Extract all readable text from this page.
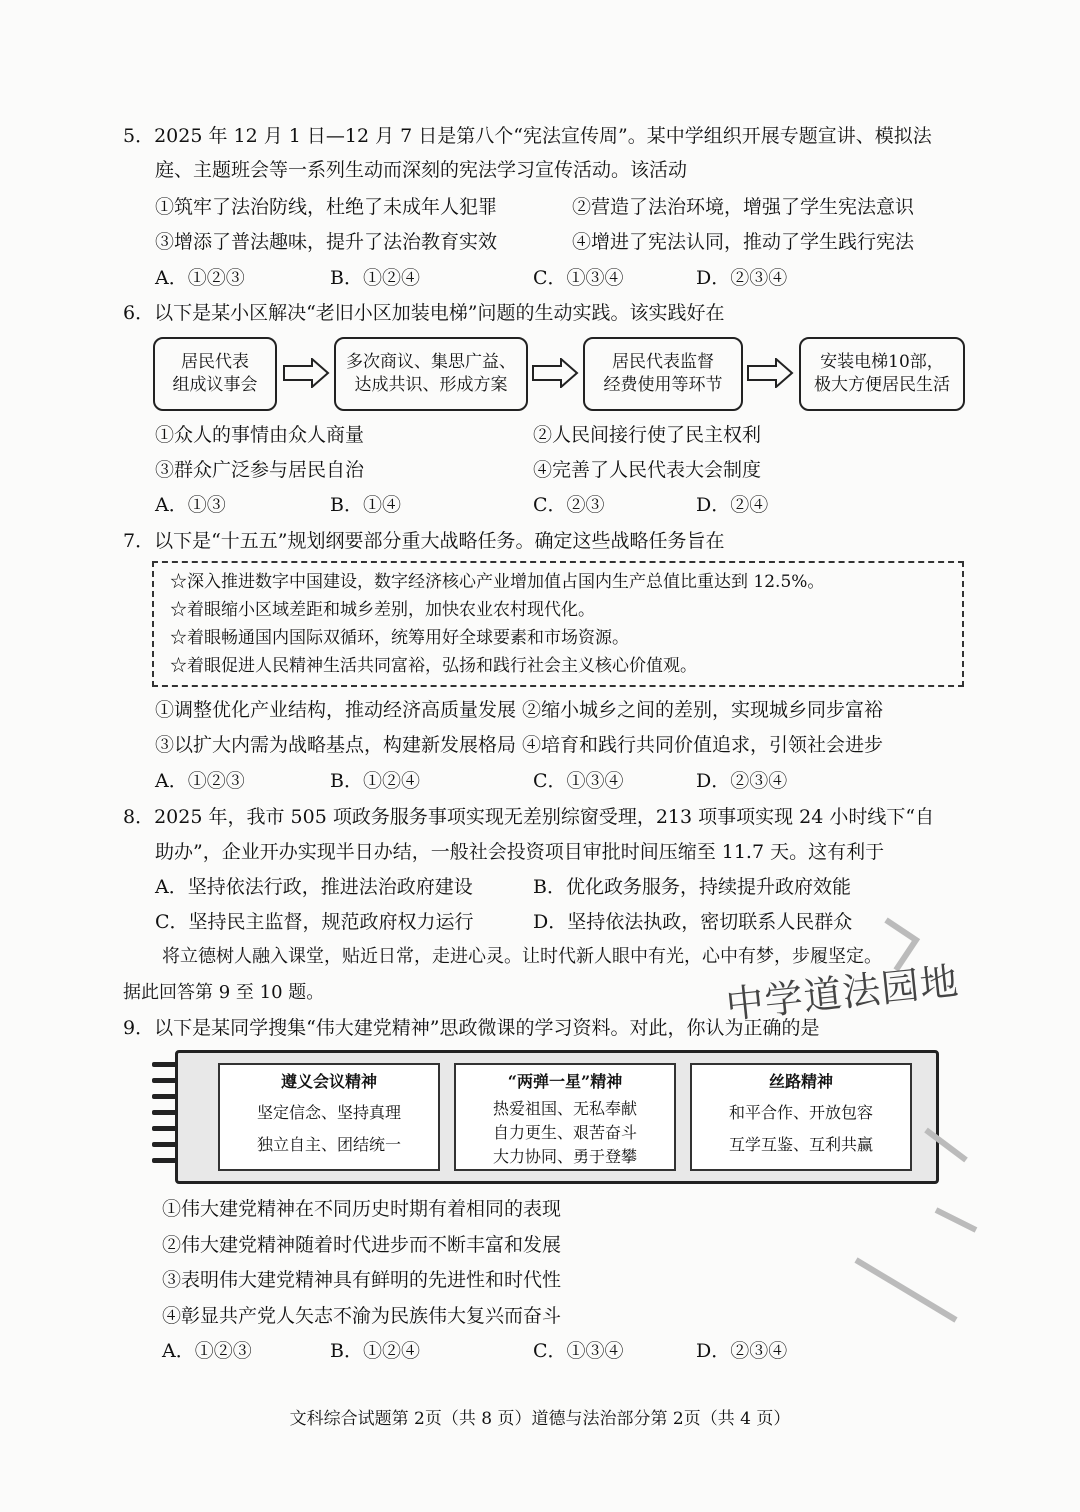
5．2025 年 12 月 1 日—12 月 7 日是第八个“宪法宣传周”。某中学组织开展专题宣讲、模拟法
庭、主题班会等一系列生动而深刻的宪法学习宣传活动。该活动
①筑牢了法治防线，杜绝了未成年人犯罪	②营造了法治环境，增强了学生宪法意识
③增添了普法趣味，提升了法治教育实效	④增进了宪法认同，推动了学生践行宪法
A．①②③	B．①②④	C．①③④	D．②③④
6．以下是某小区解决“老旧小区加装电梯”问题的生动实践。该实践好在
居民代表
组成议事会
多次商议、集思广益、
达成共识、形成方案
居民代表监督
经费使用等环节
安装电梯10部，
极大方便居民生活
①众人的事情由众人商量	②人民间接行使了民主权利
③群众广泛参与居民自治	④完善了人民代表大会制度
A．①③	B．①④	C．②③	D．②④
7．以下是“十五五”规划纲要部分重大战略任务。确定这些战略任务旨在
☆深入推进数字中国建设，数字经济核心产业增加值占国内生产总值比重达到 12.5%。
☆着眼缩小区域差距和城乡差别，加快农业农村现代化。
☆着眼畅通国内国际双循环，统筹用好全球要素和市场资源。
☆着眼促进人民精神生活共同富裕，弘扬和践行社会主义核心价值观。
①调整优化产业结构，推动经济高质量发展 ②缩小城乡之间的差别，实现城乡同步富裕
③以扩大内需为战略基点，构建新发展格局 ④培育和践行共同价值追求，引领社会进步
A．①②③	B．①②④	C．①③④	D．②③④
8．2025 年，我市 505 项政务服务事项实现无差别综窗受理，213 项事项实现 24 小时线下“自
助办”，企业开办实现半日办结，一般社会投资项目审批时间压缩至 11.7 天。这有利于
A．坚持依法行政，推进法治政府建设	B．优化政务服务，持续提升政府效能
C．坚持民主监督，规范政府权力运行	D．坚持依法执政，密切联系人民群众
将立德树人融入课堂，贴近日常，走进心灵。让时代新人眼中有光，心中有梦，步履坚定。
据此回答第 9 至 10 题。
9．以下是某同学搜集“伟大建党精神”思政微课的学习资料。对此，你认为正确的是
遵义会议精神
坚定信念、坚持真理
独立自主、团结统一
“两弹一星”精神
热爱祖国、无私奉献
自力更生、艰苦奋斗
大力协同、勇于登攀
丝路精神
和平合作、开放包容
互学互鉴、互利共赢
①伟大建党精神在不同历史时期有着相同的表现
②伟大建党精神随着时代进步而不断丰富和发展
③表明伟大建党精神具有鲜明的先进性和时代性
④彰显共产党人矢志不渝为民族伟大复兴而奋斗
A．①②③	B．①②④	C．①③④	D．②③④
中学道法园地
文科综合试题第 2页（共 8 页）道德与法治部分第 2页（共 4 页）
